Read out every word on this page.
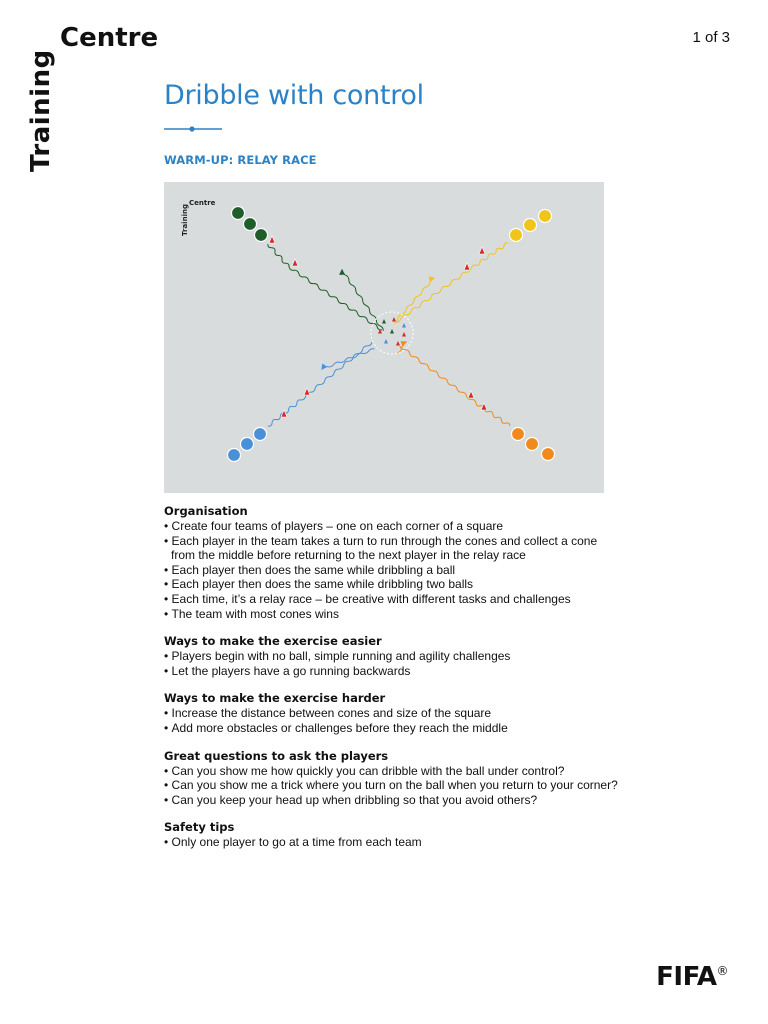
Training
Centre	1 of 3
Dribble with control
WARM-UP: RELAY RACE
Training
Centre
Organisation
• Create four teams of players – one on each corner of a square
• Each player in the team takes a turn to run through the cones and collect a cone from the middle before returning to the next player in the relay race
• Each player then does the same while dribbling a ball
• Each player then does the same while dribbling two balls
• Each time, it’s a relay race – be creative with different tasks and challenges
• The team with most cones wins
Ways to make the exercise easier
• Players begin with no ball, simple running and agility challenges
• Let the players have a go running backwards
Ways to make the exercise harder
• Increase the distance between cones and size of the square
• Add more obstacles or challenges before they reach the middle
Great questions to ask the players
• Can you show me how quickly you can dribble with the ball under control?
• Can you show me a trick where you turn on the ball when you return to your corner?
• Can you keep your head up when dribbling so that you avoid others?
Safety tips
• Only one player to go at a time from each team
FIFA®
